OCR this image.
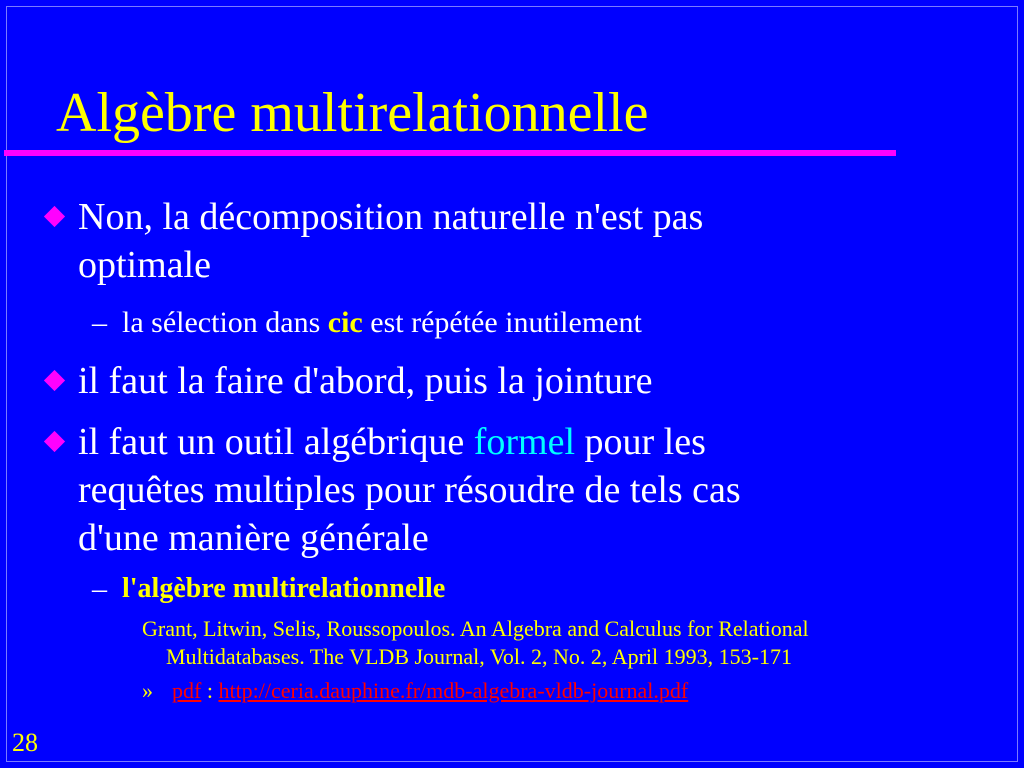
Algèbre multirelationnelle
Non, la décomposition naturelle n'est pas
optimale
– la sélection dans cic est répétée inutilement
il faut la faire d'abord, puis la jointure
il faut un outil algébrique formel pour les
requêtes multiples pour résoudre de tels cas
d'une manière générale
– l'algèbre multirelationnelle
Grant, Litwin, Selis, Roussopoulos. An Algebra and Calculus for Relational
Multidatabases. The VLDB Journal, Vol. 2, No. 2, April 1993, 153-171
» pdf : http://ceria.dauphine.fr/mdb-algebra-vldb-journal.pdf
28
